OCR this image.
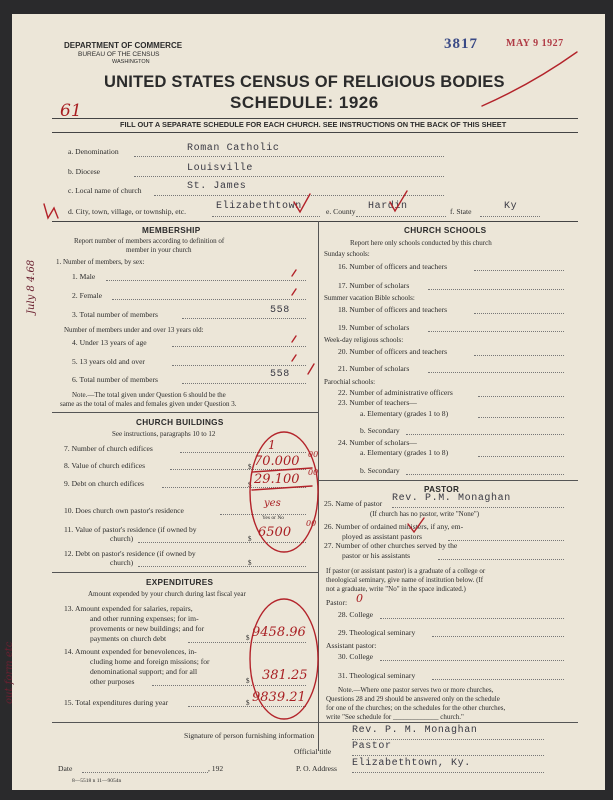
DEPARTMENT OF COMMERCE
BUREAU OF THE CENSUS
WASHINGTON
3817	MAY 9 1927
UNITED STATES CENSUS OF RELIGIOUS BODIES
SCHEDULE: 1926
61
FILL OUT A SEPARATE SCHEDULE FOR EACH CHURCH. SEE INSTRUCTIONS ON THE BACK OF THIS SHEET
a. Denomination	Roman Catholic
b. Diocese	Louisville
c. Local name of church	St. James
d. City, town, village, or township, etc.	Elizabethtown	e. County Hardin	f. State	Ky
MEMBERSHIP
Report number of members according to definition of
member in your church
1. Number of members, by sex:
1. Male
2. Female
3. Total number of members	558
Number of members under and over 13 years old:
4. Under 13 years of age
5. 13 years old and over
6. Total number of members	558
Note.—The total given under Question 6 should be the
same as the total of males and females given under Question 3.
CHURCH BUILDINGS
See instructions, paragraphs 10 to 12
7. Number of church edifices	1
8. Value of church edifices	$ 70.000 00
9. Debt on church edifices	$ 29.100 00
10. Does church own pastor's residence
yes
Yes or No
11. Value of pastor's residence (if owned by
church)	$ 6500
00
12. Debt on pastor's residence (if owned by
church)	$
EXPENDITURES
Amount expended by your church during last fiscal year
13. Amount expended for salaries, repairs,
and other running expenses; for im-
provements or new buildings; and for
payments on church debt	$ 9458.96
14. Amount expended for benevolences, in-
cluding home and foreign missions; for
denominational support; and for all
other purposes	$ 381.25
15. Total expenditures during year	$ 9839.21
CHURCH SCHOOLS
Report here only schools conducted by this church
Sunday schools:
16. Number of officers and teachers
17. Number of scholars
Summer vacation Bible schools:
18. Number of officers and teachers
19. Number of scholars
Week-day religious schools:
20. Number of officers and teachers
21. Number of scholars
Parochial schools:
22. Number of administrative officers
23. Number of teachers—
a. Elementary (grades 1 to 8)
b. Secondary
24. Number of scholars—
a. Elementary (grades 1 to 8)
b. Secondary
PASTOR
25. Name of pastor Rev. P.M. Monaghan
(If church has no pastor, write "None")
26. Number of ordained ministers, if any, em-
ployed as assistant pastors
27. Number of other churches served by the
pastor or his assistants
If pastor (or assistant pastor) is a graduate of a college or
theological seminary, give name of institution below. (If
not a graduate, write "No" in the space indicated.)
Pastor: 0
28. College
29. Theological seminary
Assistant pastor:
30. College
31. Theological seminary
Note.—Where one pastor serves two or more churches,
Questions 28 and 29 should be answered only on the schedule
for one of the churches; on the schedules for the other churches,
write "See schedule for _____________ church."
Signature of person furnishing information	Rev. P. M. Monaghan
Official title Pastor
Date	, 192	P. O. Address Elizabethtown, Ky.
8—5518 n 11—9054n
July 8 4.68
out form etc
